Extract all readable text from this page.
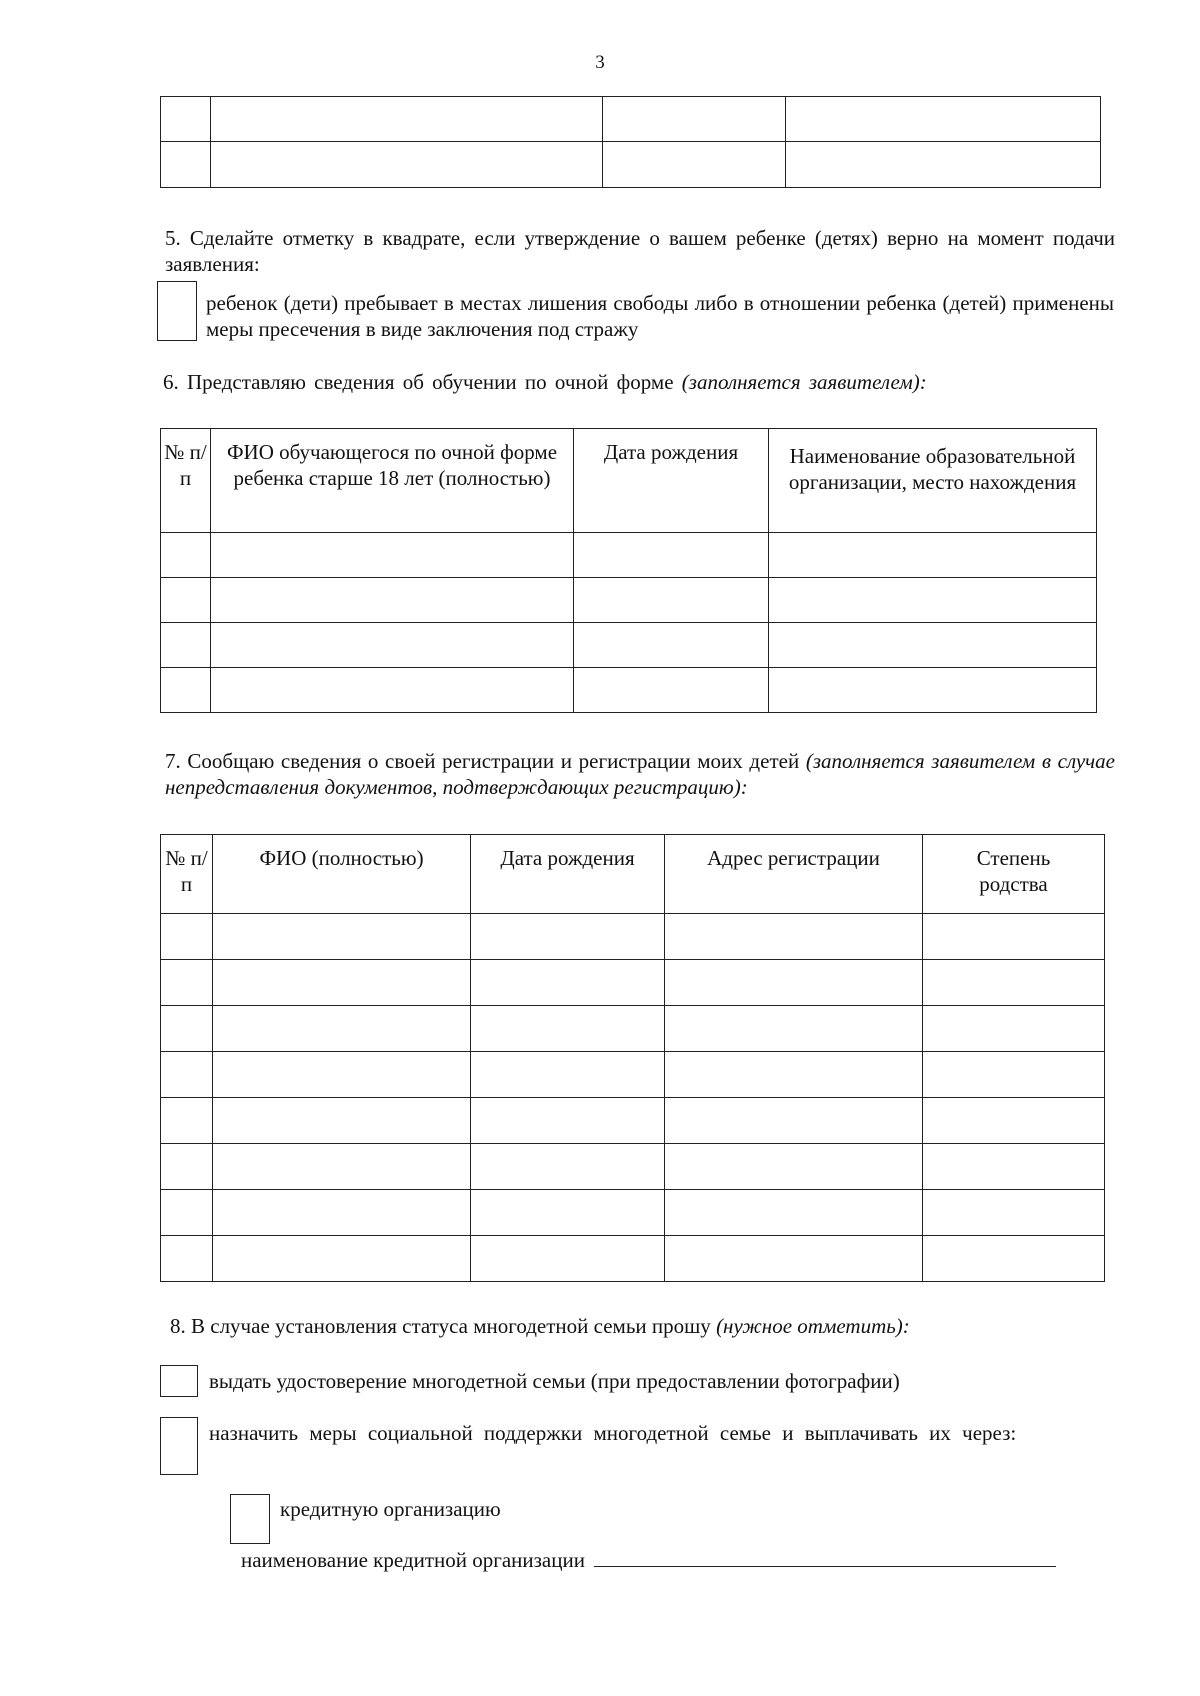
3

5. Сделайте отметку в квадрате, если утверждение о вашем ребенке (детях) верно на момент подачи заявления:
ребенок (дети) пребывает в местах лишения свободы либо в отношении ребенка (детей) применены меры пресечения в виде заключения под стражу
6. Представляю сведения об обучении по очной форме (заполняется заявителем):
№ п/п	ФИО обучающегося по очной форме ребенка старше 18 лет (полностью)	Дата рождения	Наименование образовательной организации, место нахождения

7. Сообщаю сведения о своей регистрации и регистрации моих детей (заполняется заявителем в случае непредставления документов, подтверждающих регистрацию):
№ п/п	ФИО (полностью)	Дата рождения	Адрес регистрации	Степень родства

8. В случае установления статуса многодетной семьи прошу (нужное отметить):
выдать удостоверение многодетной семьи (при предоставлении фотографии)
назначить меры социальной поддержки многодетной семье и выплачивать их через:
кредитную организацию
наименование кредитной организации
